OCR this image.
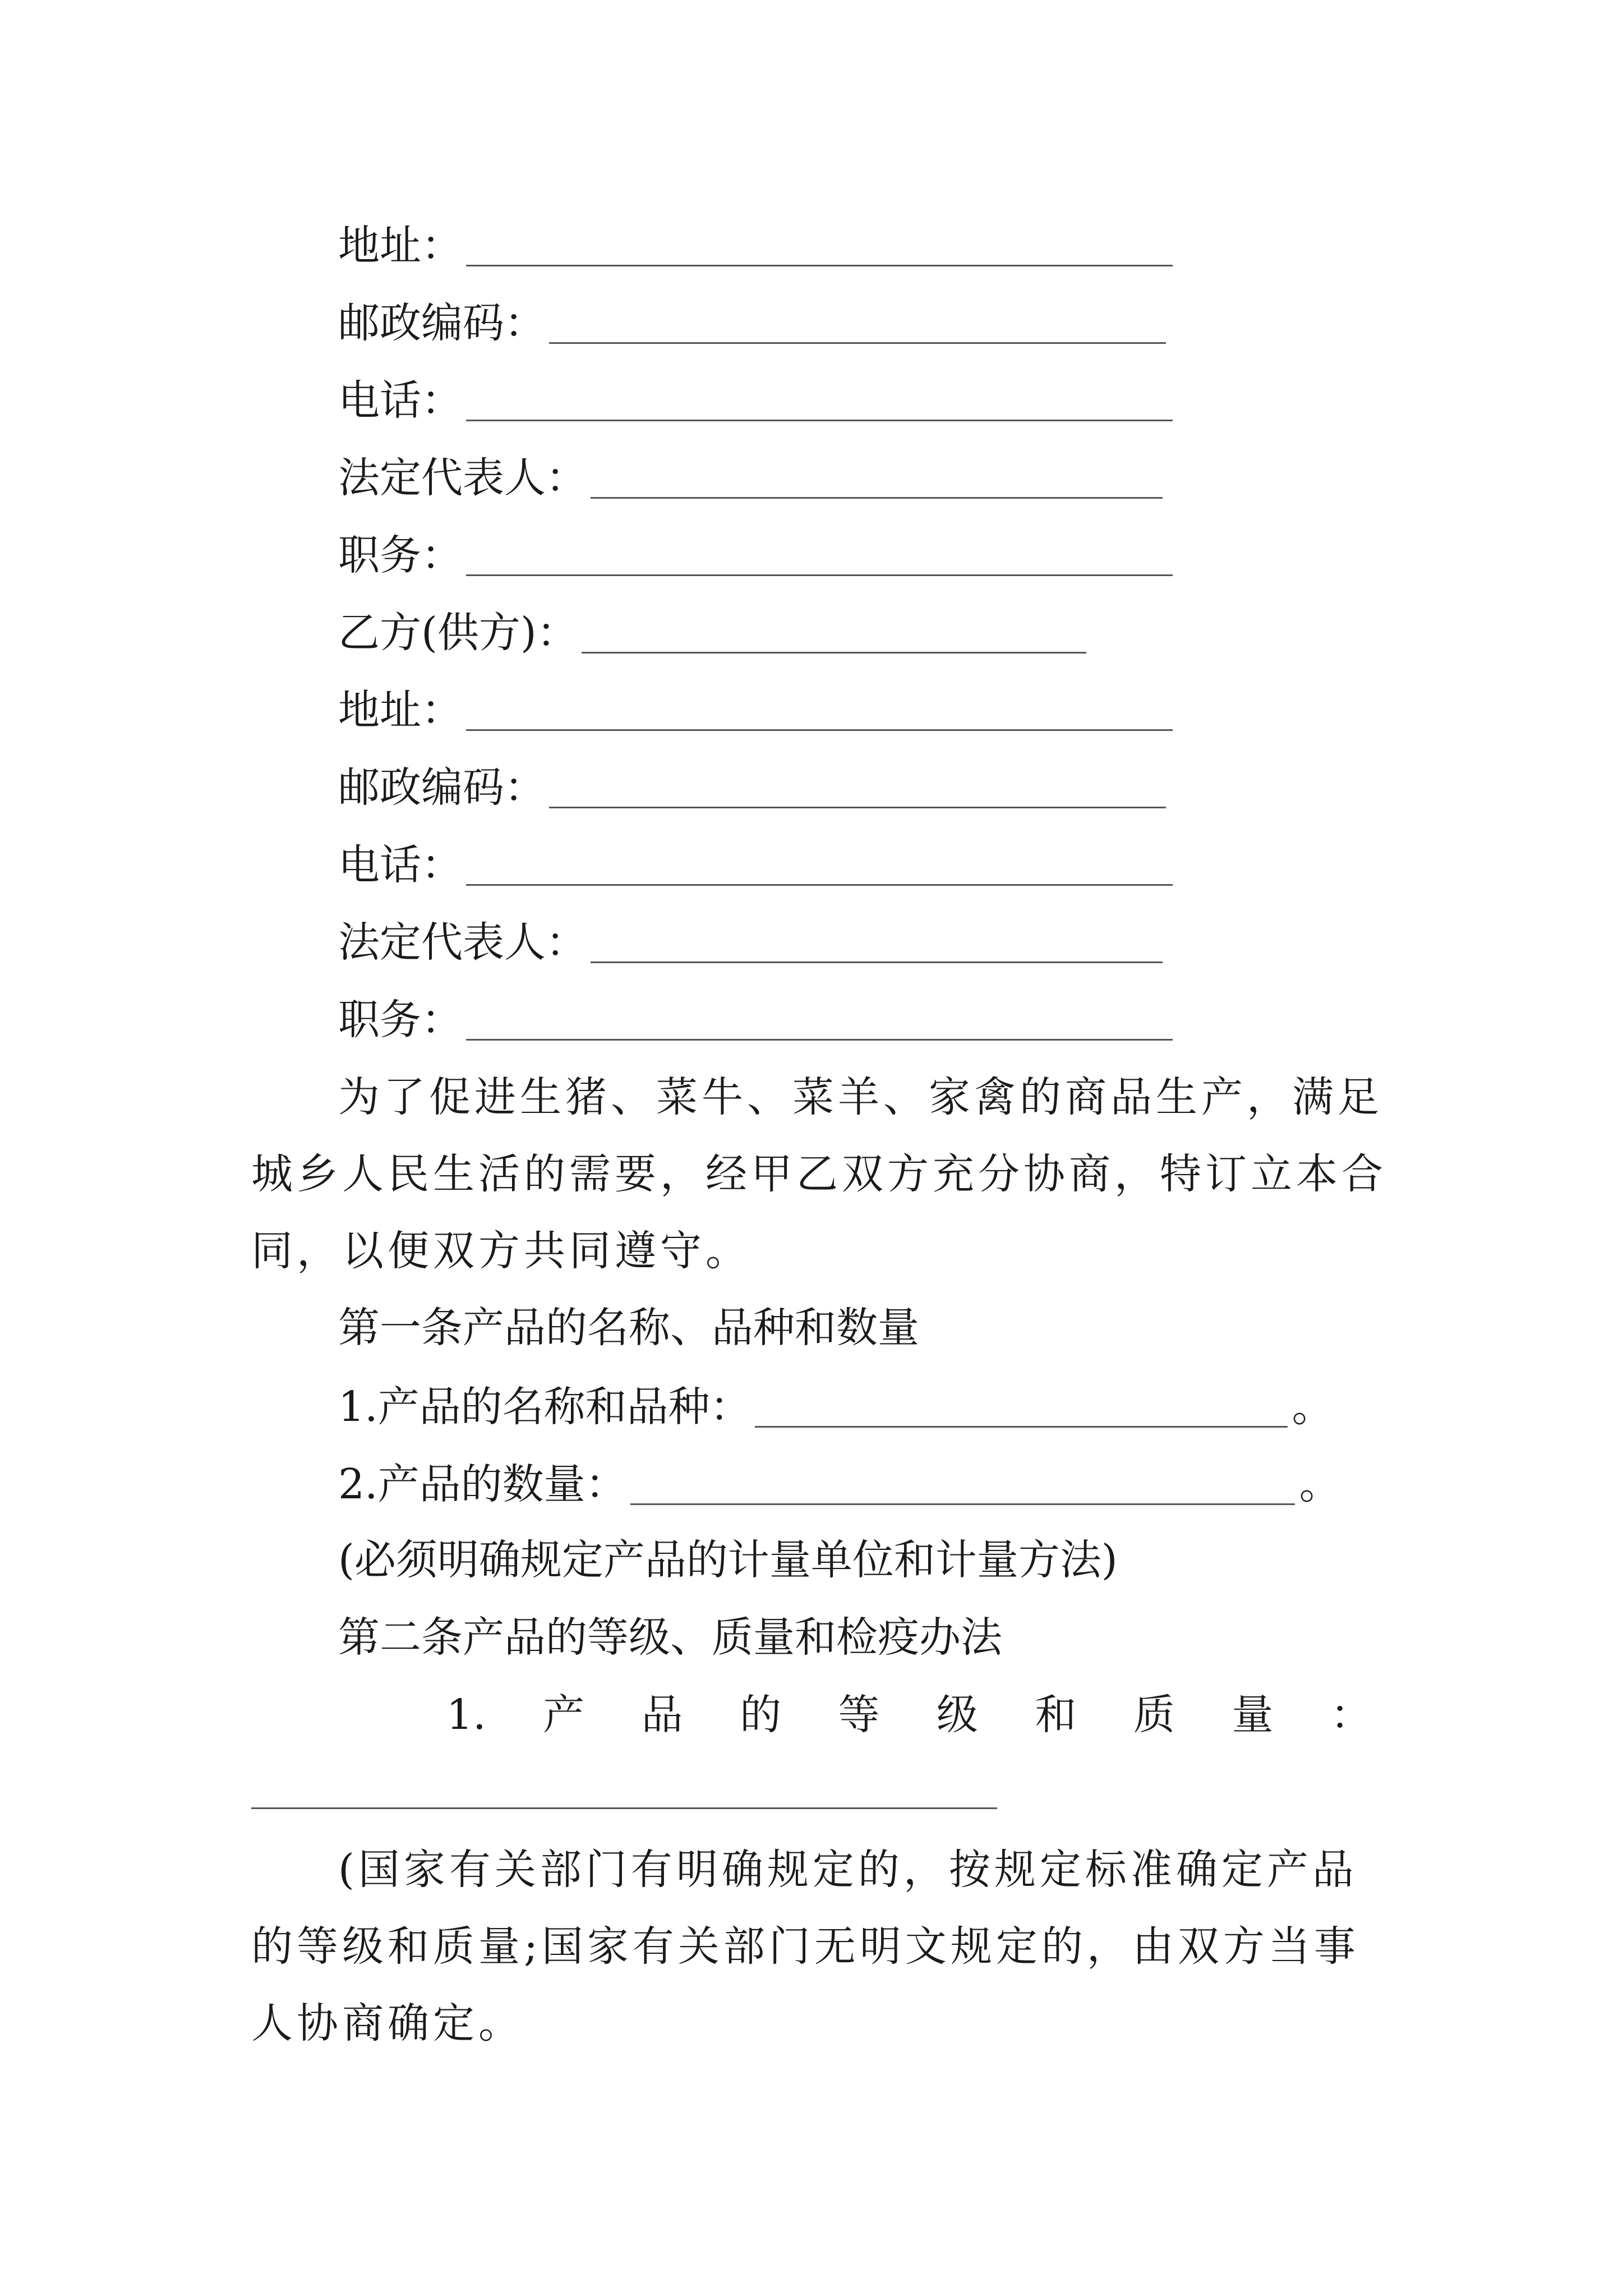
地址：
邮政编码：
电话：
法定代表人：
职务：
乙方(供方)：
地址：
邮政编码：
电话：
法定代表人：
职务：
为了促进生猪、菜牛、菜羊、家禽的商品生产，满足城乡人民生活的需要，经甲乙双方充分协商，特订立本合同，以便双方共同遵守。
第一条产品的名称、品种和数量
1.产品的名称和品种：	。
2.产品的数量：	。
(必须明确规定产品的计量单位和计量方法)
第二条产品的等级、质量和检疫办法
1. 产 品 的 等 级 和 质 量 ：
(国家有关部门有明确规定的，按规定标准确定产品的等级和质量;国家有关部门无明文规定的，由双方当事人协商确定。
